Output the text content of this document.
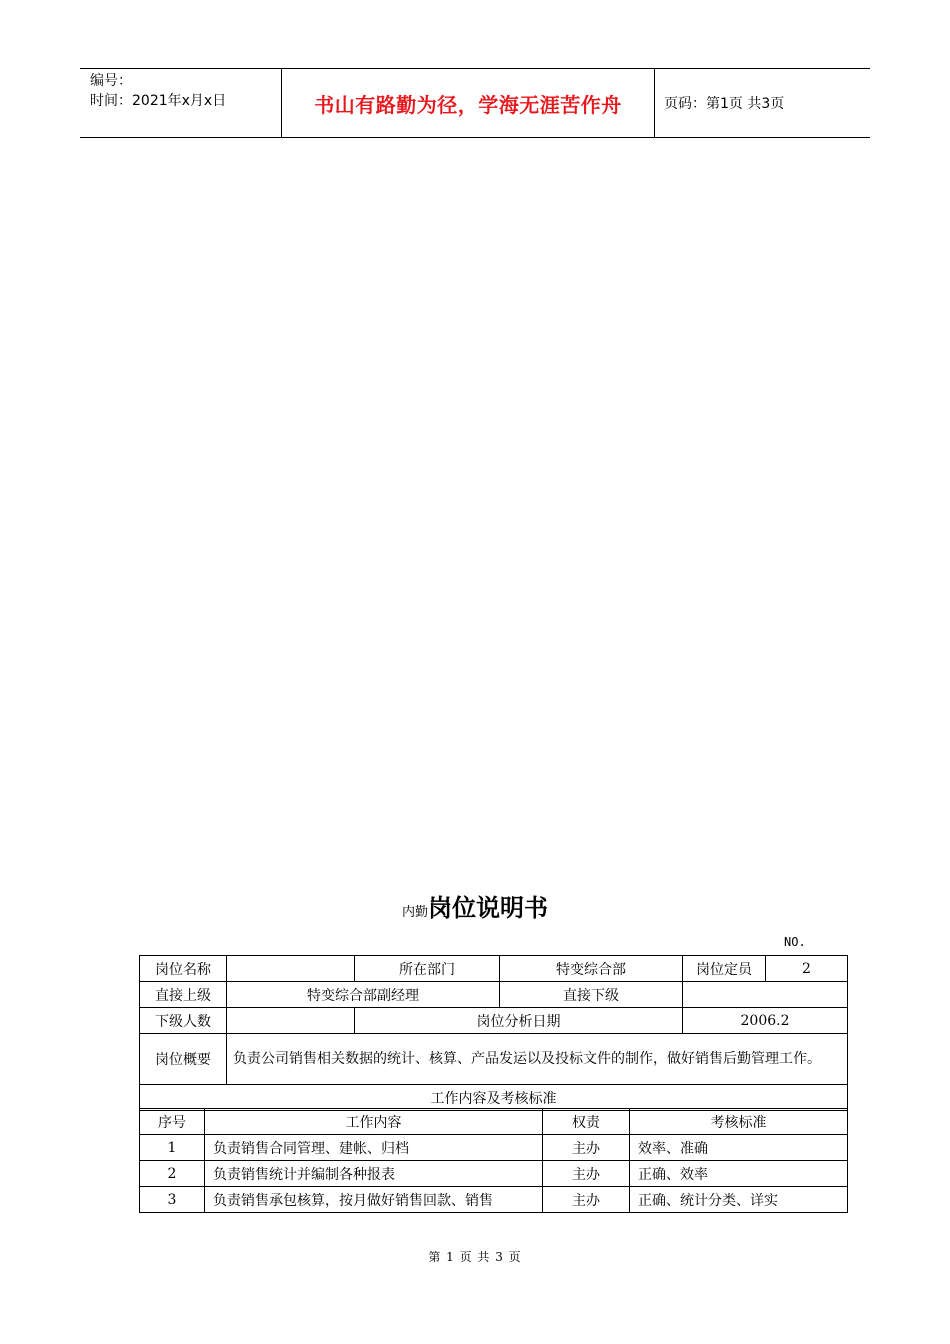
编号：
时间：2021年x月x日	书山有路勤为径，学海无涯苦作舟	页码：第1页 共3页
内勤岗位说明书
NO.
岗位名称		所在部门	特变综合部	岗位定员	2
直接上级	特变综合部副经理		直接下级		
下级人数		岗位分析日期		2006.2	
岗位概要	负责公司销售相关数据的统计、核算、产品发运以及投标文件的制作，做好销售后勤管理工作。				
工作内容及考核标准					
序号	工作内容	权责	考核标准
1	负责销售合同管理、建帐、归档	主办	效率、准确
2	负责销售统计并编制各种报表	主办	正确、效率
3	负责销售承包核算，按月做好销售回款、销售	主办	正确、统计分类、详实
第 1 页 共 3 页
